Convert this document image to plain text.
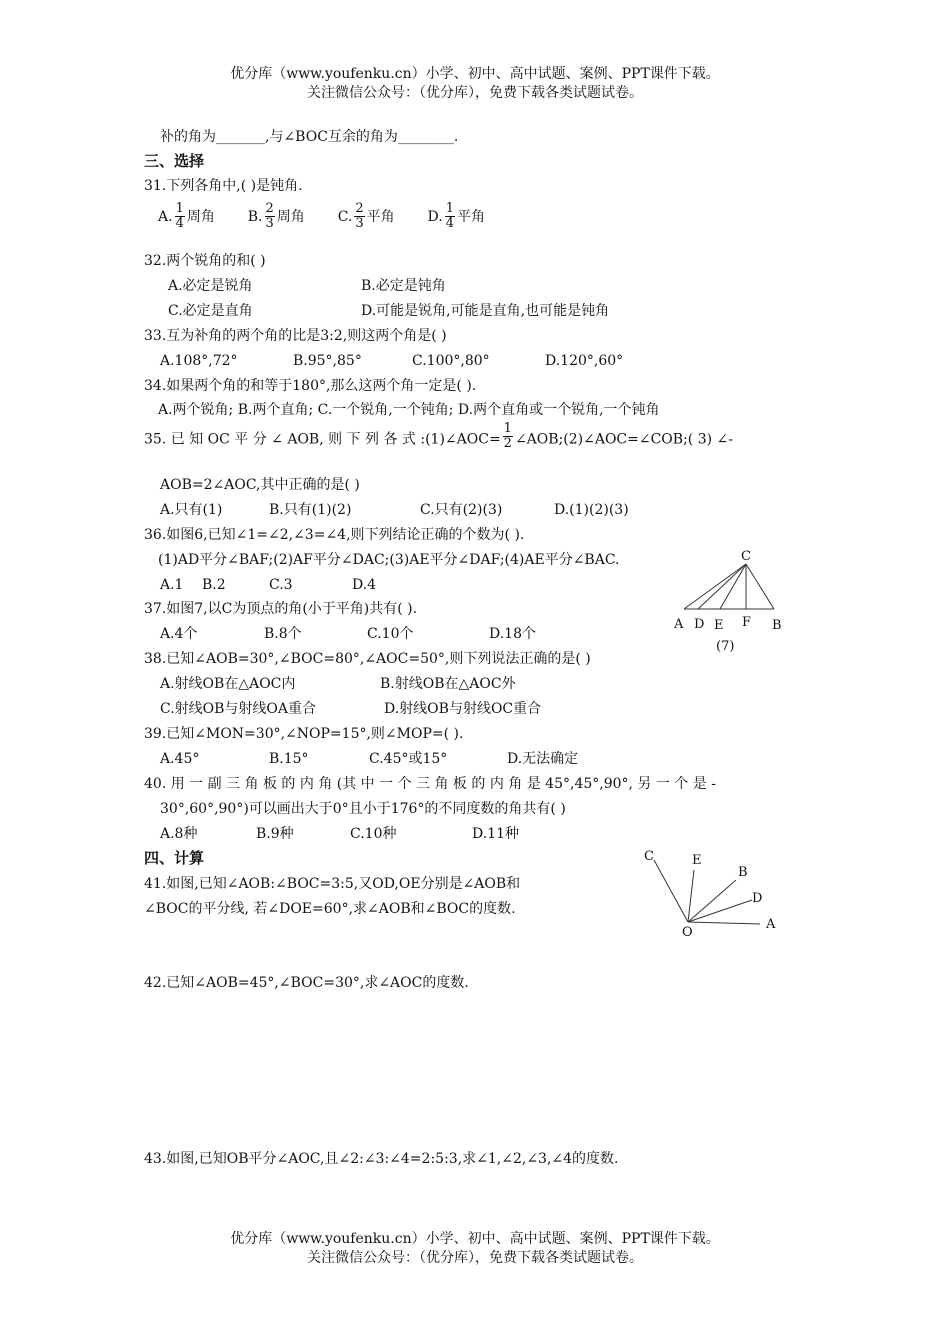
优分库（www.youfenku.cn）小学、初中、高中试题、案例、PPT课件下载。
关注微信公众号：（优分库），免费下载各类试题试卷。
补的角为_______,与∠BOC互余的角为________.
三、选择
31.下列各角中,( )是钝角.
A. $\frac{1}{4}$ 周角 B. $\frac{2}{3}$ 周角 C. $\frac{2}{3}$ 平角 D. $\frac{1}{4}$ 平角
32.两个锐角的和( )
A.必定是锐角	B.必定是钝角
C.必定是直角	D.可能是锐角,可能是直角,也可能是钝角
33.互为补角的两个角的比是3:2,则这两个角是( )
A.108°,72°	B.95°,85°	C.100°,80°	D.120°,60°
34.如果两个角的和等于180°,那么这两个角一定是( ).
A.两个锐角; B.两个直角; C.一个锐角,一个钝角; D.两个直角或一个锐角,一个钝角
35. 已 知 OC 平 分 ∠ AOB, 则 下 列 各 式 :(1)∠AOC= $\frac{1}{2}$ ∠AOB;(2)∠AOC=∠COB;( 3) ∠-
AOB=2∠AOC,其中正确的是( )
A.只有(1)	B.只有(1)(2)	C.只有(2)(3)	D.(1)(2)(3)
36.如图6,已知∠1=∠2,∠3=∠4,则下列结论正确的个数为( ).
(1)AD平分∠BAF;(2)AF平分∠DAC;(3)AE平分∠DAF;(4)AE平分∠BAC.
A.1 B.2	C.3	D.4
C
A D E F B
(7)
37.如图7,以C为顶点的角(小于平角)共有( ).
A.4个	B.8个	C.10个	D.18个
38.已知∠AOB=30°,∠BOC=80°,∠AOC=50°,则下列说法正确的是( )
A.射线OB在△AOC内	B.射线OB在△AOC外
C.射线OB与射线OA重合	D.射线OB与射线OC重合
39.已知∠MON=30°,∠NOP=15°,则∠MOP=( ).
A.45°	B.15°	C.45°或15°	D.无法确定
40. 用 一 副 三 角 板 的 内 角 (其 中 一 个 三 角 板 的 内 角 是 45°,45°,90°, 另 一 个 是 -
30°,60°,90°)可以画出大于0°且小于176°的不同度数的角共有( )
A.8种	B.9种	C.10种	D.11种
四、计算
41.如图,已知∠AOB:∠BOC=3:5,又OD,OE分别是∠AOB和
∠BOC的平分线, 若∠DOE=60°,求∠AOB和∠BOC的度数.
C	E
B
D
A
O
42.已知∠AOB=45°,∠BOC=30°,求∠AOC的度数.
43.如图,已知OB平分∠AOC,且∠2:∠3:∠4=2:5:3,求∠1,∠2,∠3,∠4的度数.
优分库（www.youfenku.cn）小学、初中、高中试题、案例、PPT课件下载。
关注微信公众号：（优分库），免费下载各类试题试卷。
